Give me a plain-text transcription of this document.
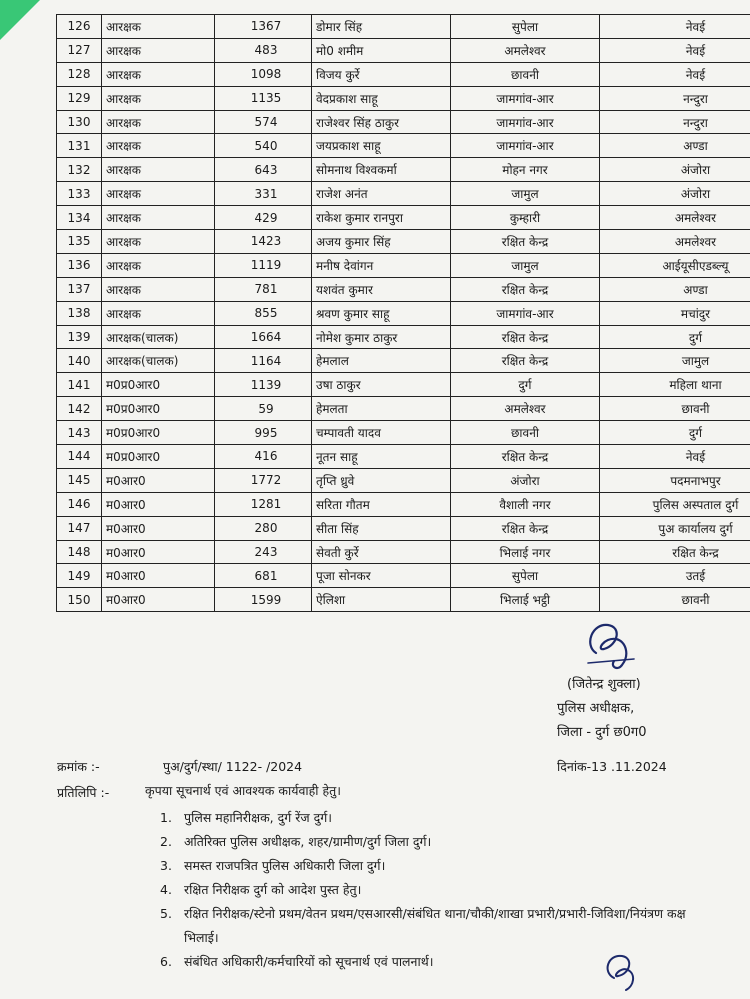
126	आरक्षक	1367	डोमार सिंह	सुपेला	नेवई
127	आरक्षक	483	मो0 शमीम	अमलेश्वर	नेवई
128	आरक्षक	1098	विजय कुर्रे	छावनी	नेवई
129	आरक्षक	1135	वेदप्रकाश साहू	जामगांव-आर	नन्दुरा
130	आरक्षक	574	राजेश्वर सिंह ठाकुर	जामगांव-आर	नन्दुरा
131	आरक्षक	540	जयप्रकाश साहू	जामगांव-आर	अण्डा
132	आरक्षक	643	सोमनाथ विश्वकर्मा	मोहन नगर	अंजोरा
133	आरक्षक	331	राजेश अनंत	जामुल	अंजोरा
134	आरक्षक	429	राकेश कुमार रानपुरा	कुम्हारी	अमलेश्वर
135	आरक्षक	1423	अजय कुमार सिंह	रक्षित केन्द्र	अमलेश्वर
136	आरक्षक	1119	मनीष देवांगन	जामुल	आईयूसीएडब्ल्यू
137	आरक्षक	781	यशवंत कुमार	रक्षित केन्द्र	अण्डा
138	आरक्षक	855	श्रवण कुमार साहू	जामगांव-आर	मचांदुर
139	आरक्षक(चालक)	1664	नोमेश कुमार ठाकुर	रक्षित केन्द्र	दुर्ग
140	आरक्षक(चालक)	1164	हेमलाल	रक्षित केन्द्र	जामुल
141	म0प्र0आर0	1139	उषा ठाकुर	दुर्ग	महिला थाना
142	म0प्र0आर0	59	हेमलता	अमलेश्वर	छावनी
143	म0प्र0आर0	995	चम्पावती यादव	छावनी	दुर्ग
144	म0प्र0आर0	416	नूतन साहू	रक्षित केन्द्र	नेवई
145	म0आर0	1772	तृप्ति ध्रुवे	अंजोरा	पदमनाभपुर
146	म0आर0	1281	सरिता गौतम	वैशाली नगर	पुलिस अस्पताल दुर्ग
147	म0आर0	280	सीता सिंह	रक्षित केन्द्र	पुअ कार्यालय दुर्ग
148	म0आर0	243	सेवती कुर्रे	भिलाई नगर	रक्षित केन्द्र
149	म0आर0	681	पूजा सोनकर	सुपेला	उतई
150	म0आर0	1599	ऐलिशा	भिलाई भट्ठी	छावनी
(जितेन्द्र शुक्ला)
पुलिस अधीक्षक,
जिला - दुर्ग छ0ग0
क्रमांक :-	पुअ/दुर्ग/स्था/ 1122- /2024	दिनांक-13 .11.2024
प्रतिलिपि :-	कृपया सूचनार्थ एवं आवश्यक कार्यवाही हेतु।
1. पुलिस महानिरीक्षक, दुर्ग रेंज दुर्ग।
2. अतिरिक्त पुलिस अधीक्षक, शहर/ग्रामीण/दुर्ग जिला दुर्ग।
3. समस्त राजपत्रित पुलिस अधिकारी जिला दुर्ग।
4. रक्षित निरीक्षक दुर्ग को आदेश पुस्त हेतु।
5. रक्षित निरीक्षक/स्टेनो प्रथम/वेतन प्रथम/एसआरसी/संबंधित थाना/चौकी/शाखा प्रभारी/प्रभारी-जिविशा/नियंत्रण कक्ष भिलाई।
6. संबंधित अधिकारी/कर्मचारियों को सूचनार्थ एवं पालनार्थ।
